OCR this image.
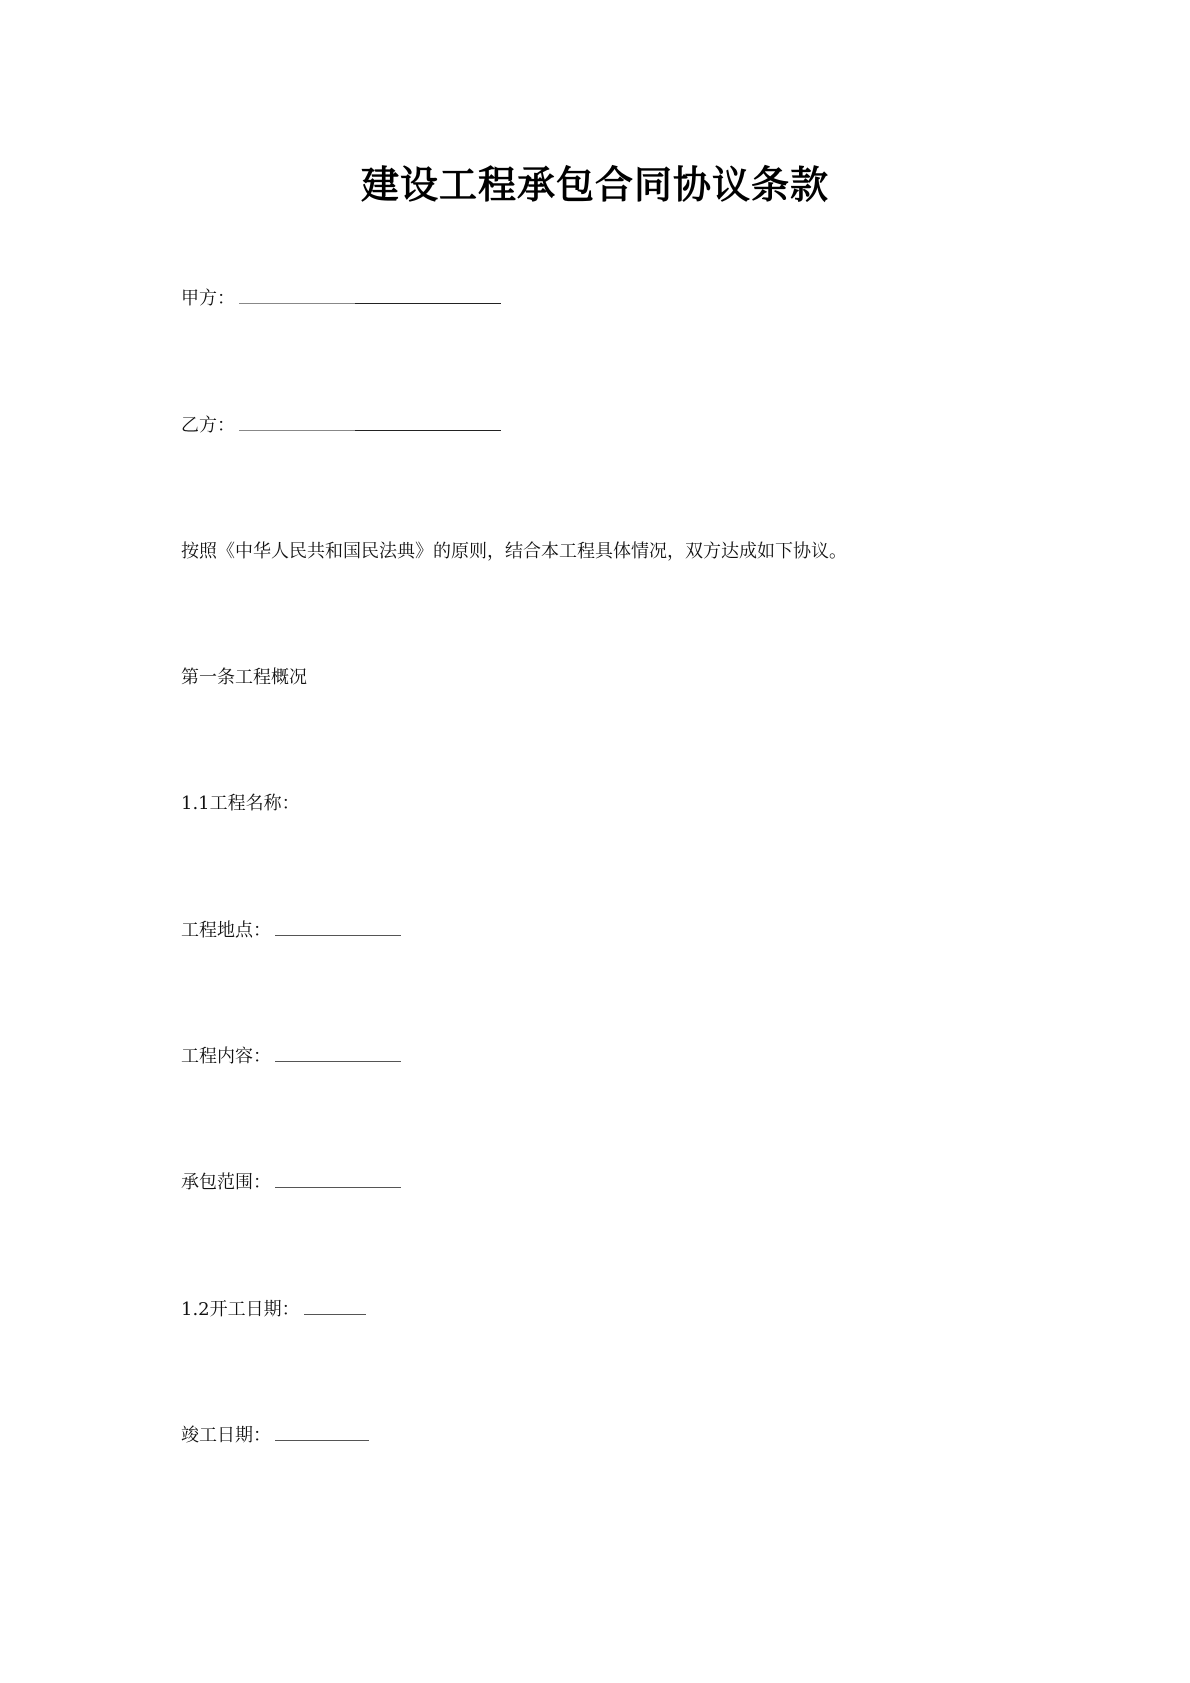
建设工程承包合同协议条款
甲方：
乙方：
按照《中华人民共和国民法典》的原则，结合本工程具体情况，双方达成如下协议。
第一条工程概况
1.1工程名称：
工程地点：
工程内容：
承包范围：
1.2开工日期：
竣工日期：
